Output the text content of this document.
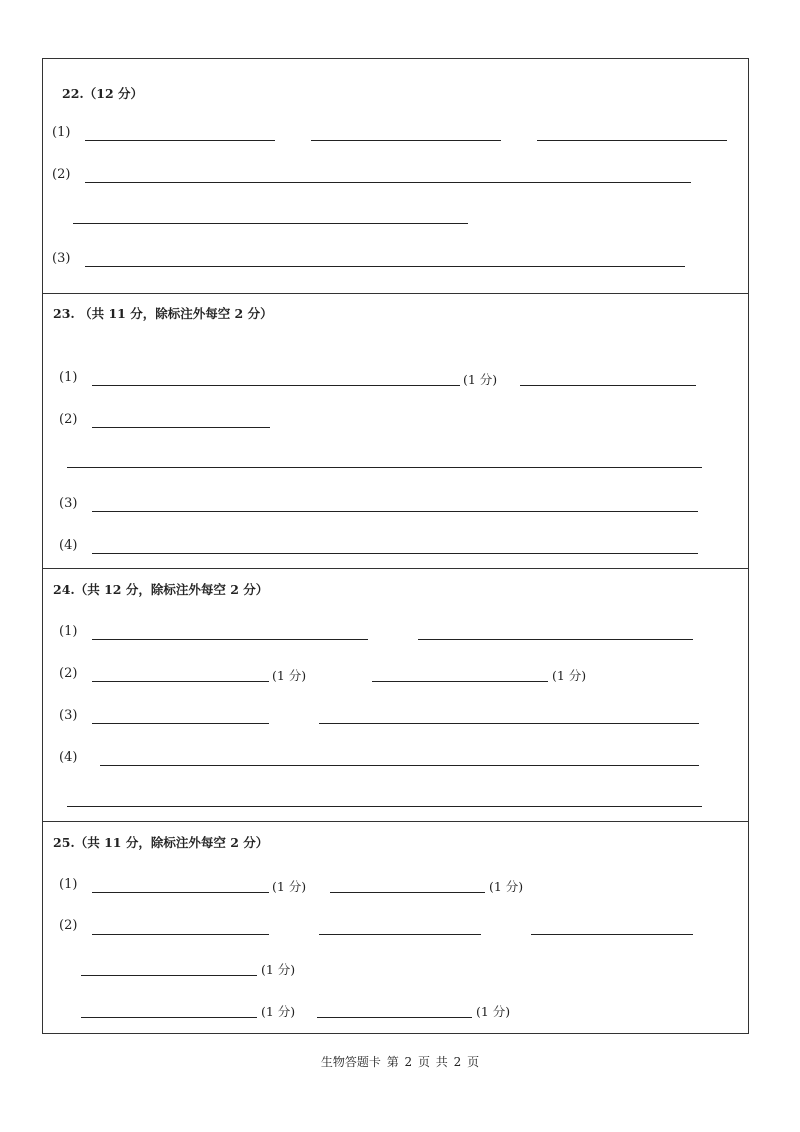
22.（12 分）
(1)
(2)
(3)
23. （共 11 分，除标注外每空 2 分）
(1)	(1 分)
(2)
(3)
(4)
24.（共 12 分，除标注外每空 2 分）
(1)
(2)	(1 分)	(1 分)
(3)
(4)
25.（共 11 分，除标注外每空 2 分）
(1)	(1 分)	(1 分)
(2)
(1 分)
(1 分)	(1 分)
生物答题卡 第 2 页 共 2 页
